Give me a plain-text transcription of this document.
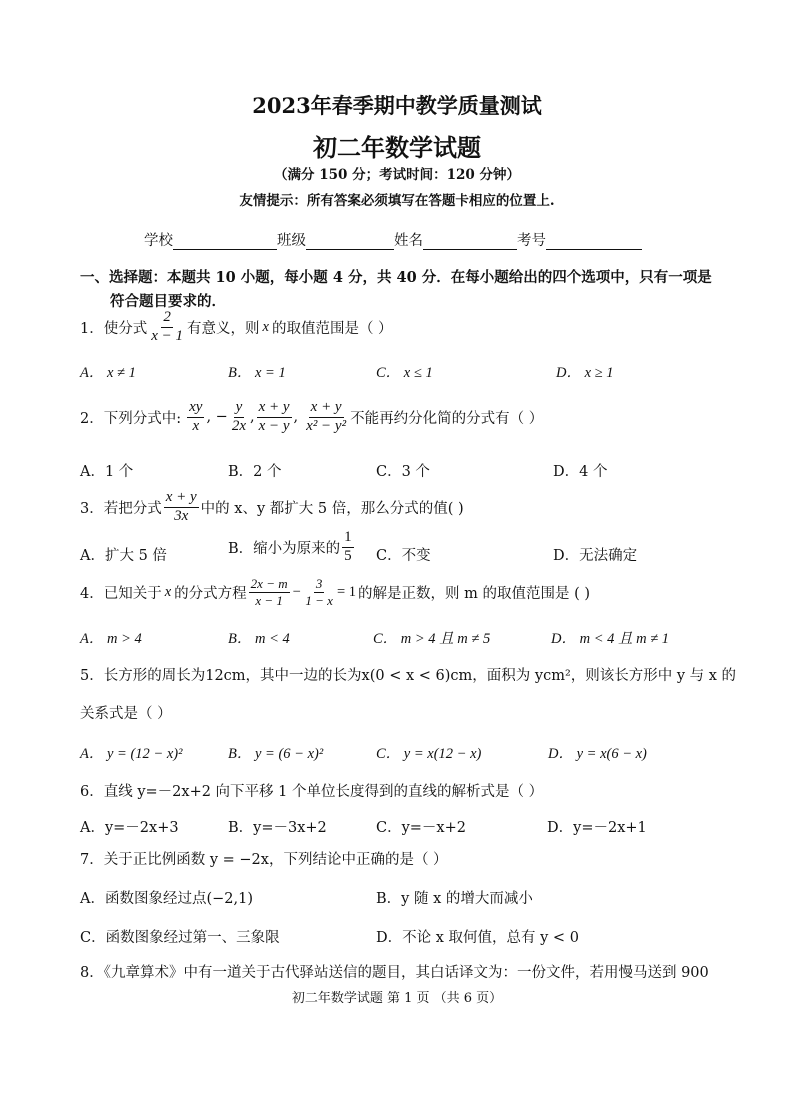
2023年春季期中教学质量测试
初二年数学试题
（满分 150 分；考试时间：120 分钟）
友情提示：所有答案必须填写在答题卡相应的位置上.
学校	班级	姓名	考号
一、选择题：本题共 10 小题，每小题 4 分，共 40 分．在每小题给出的四个选项中，只有一项是
符合题目要求的．
1．使分式 $\frac{2}{x - 1}$ 有意义，则 x 的取值范围是（ ）
A． x ≠ 1	B． x = 1	C． x ≤ 1	D． x ≥ 1
2．下列分式中: $\frac{xy}{x}$ , − $\frac{y}{2x}$ , $\frac{x + y}{x - y}$ , $\frac{x + y}{\text{x² − y²}}$ 不能再约分化简的分式有（ ）
A．1 个	B．2 个	C．3 个	D．4 个
3．若把分式 $\frac{x + y}{3x}$ 中的 x、y 都扩大 5 倍，那么分式的值( )
A．扩大 5 倍	B．缩小为原来的 $\frac{1}{5}$ C．不变	D．无法确定
4．已知关于 x 的分式方程 $\frac{2x - m}{x - 1} - \frac{3}{1 - x} = 1$ 的解是正数，则 m 的取值范围是 ( )
A． m > 4	B． m < 4	C． m > 4 且 m ≠ 5	D． m < 4 且 m ≠ 1
5．长方形的周长为12cm，其中一边的长为x(0 < x < 6)cm，面积为 ycm²，则该长方形中 y 与 x 的
关系式是（ ）
A． y = (12 − x)²	B． y = (6 − x)²	C． y = x(12 − x)	D． y = x(6 − x)
6．直线 y=－2x+2 向下平移 1 个单位长度得到的直线的解析式是（ ）
A．y=－2x+3	B．y=－3x+2	C．y=－x+2	D．y=－2x+1
7．关于正比例函数 y = −2x，下列结论中正确的是（ ）
A．函数图象经过点(−2,1)	B．y 随 x 的增大而减小
C．函数图象经过第一、三象限	D．不论 x 取何值，总有 y < 0
8．《九章算术》中有一道关于古代驿站送信的题目，其白话译文为：一份文件，若用慢马送到 900
初二年数学试题 第 1 页 （共 6 页）
